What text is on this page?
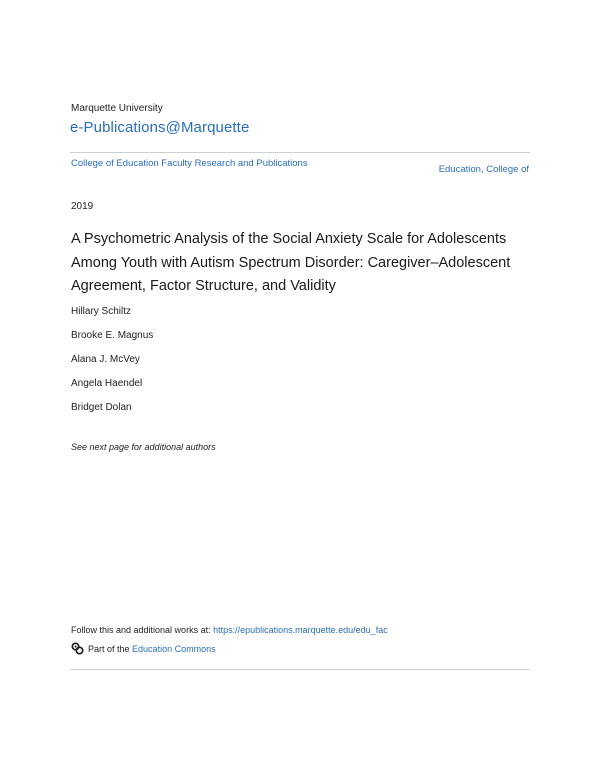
Marquette University
e-Publications@Marquette
College of Education Faculty Research and Publications
Education, College of
2019
A Psychometric Analysis of the Social Anxiety Scale for Adolescents Among Youth with Autism Spectrum Disorder: Caregiver–Adolescent Agreement, Factor Structure, and Validity
Hillary Schiltz
Brooke E. Magnus
Alana J. McVey
Angela Haendel
Bridget Dolan
See next page for additional authors
Follow this and additional works at: https://epublications.marquette.edu/edu_fac
Part of the
Education Commons
